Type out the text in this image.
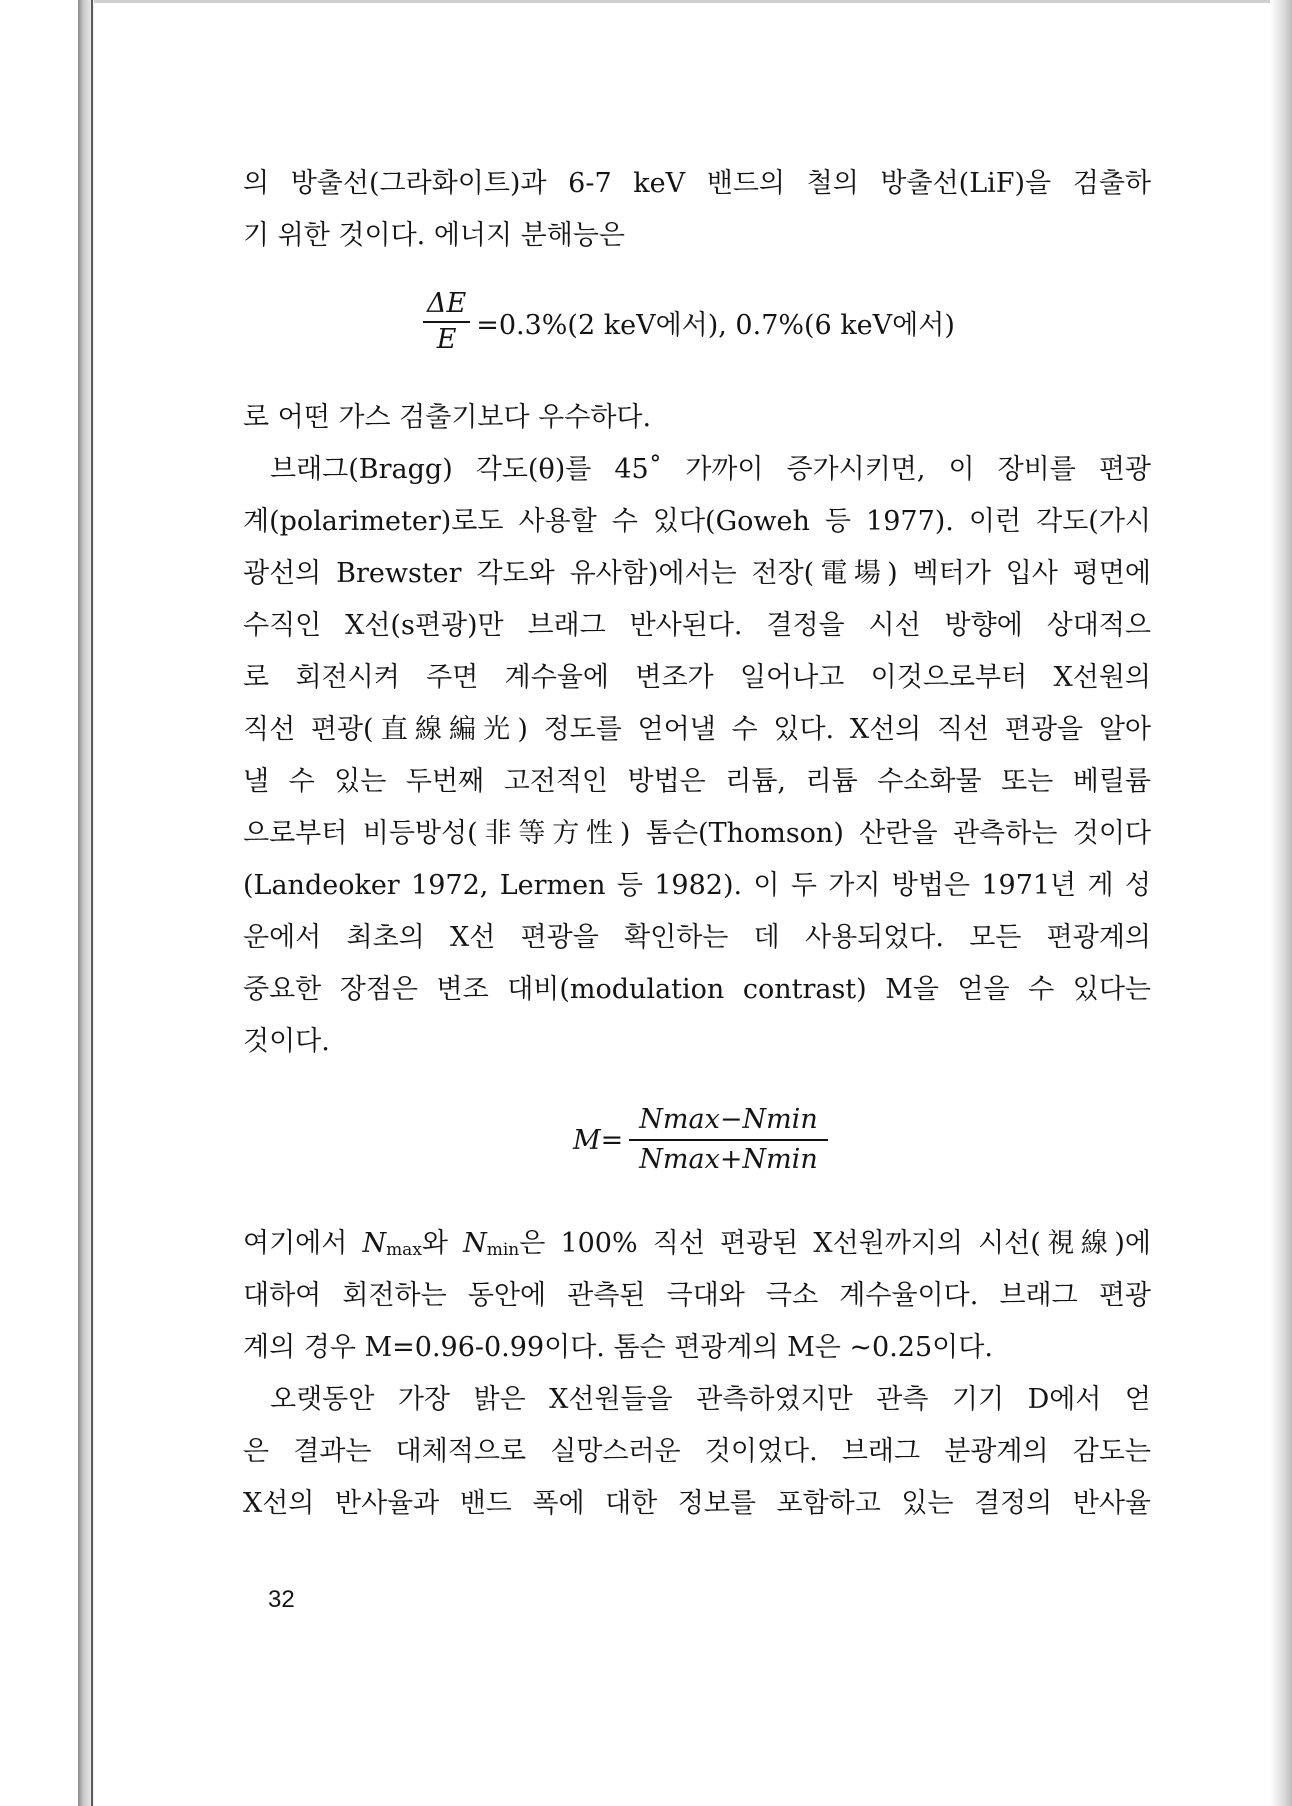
의 방출선(그라화이트)과 6-7 keV 밴드의 철의 방출선(LiF)을 검출하
기 위한 것이다. 에너지 분해능은
$\frac{\Delta E}{E} =0.3\%(2$ keV에서), 0.7%(6 keV에서)
로 어떤 가스 검출기보다 우수하다.
브래그(Bragg) 각도(θ)를 45˚ 가까이 증가시키면, 이 장비를 편광
계(polarimeter)로도 사용할 수 있다(Goweh 등 1977). 이런 각도(가시
광선의 Brewster 각도와 유사함)에서는 전장(電場) 벡터가 입사 평면에
수직인 X선(s편광)만 브래그 반사된다. 결정을 시선 방향에 상대적으
로 회전시켜 주면 계수율에 변조가 일어나고 이것으로부터 X선원의
직선 편광(直線編光) 정도를 얻어낼 수 있다. X선의 직선 편광을 알아
낼 수 있는 두번째 고전적인 방법은 리튬, 리튬 수소화물 또는 베릴륨
으로부터 비등방성(非等方性) 톰슨(Thomson) 산란을 관측하는 것이다
(Landeoker 1972, Lermen 등 1982). 이 두 가지 방법은 1971년 게 성
운에서 최초의 X선 편광을 확인하는 데 사용되었다. 모든 편광계의
중요한 장점은 변조 대비(modulation contrast) M을 얻을 수 있다는
것이다.
$M= \frac{Nmax-Nmin}{Nmax+Nmin}$
여기에서 Nmax와 Nmin은 100% 직선 편광된 X선원까지의 시선(視線)에
대하여 회전하는 동안에 관측된 극대와 극소 계수율이다. 브래그 편광
계의 경우 M=0.96-0.99이다. 톰슨 편광계의 M은 ~0.25이다.
오랫동안 가장 밝은 X선원들을 관측하였지만 관측 기기 D에서 얻
은 결과는 대체적으로 실망스러운 것이었다. 브래그 분광계의 감도는
X선의 반사율과 밴드 폭에 대한 정보를 포함하고 있는 결정의 반사율
32
